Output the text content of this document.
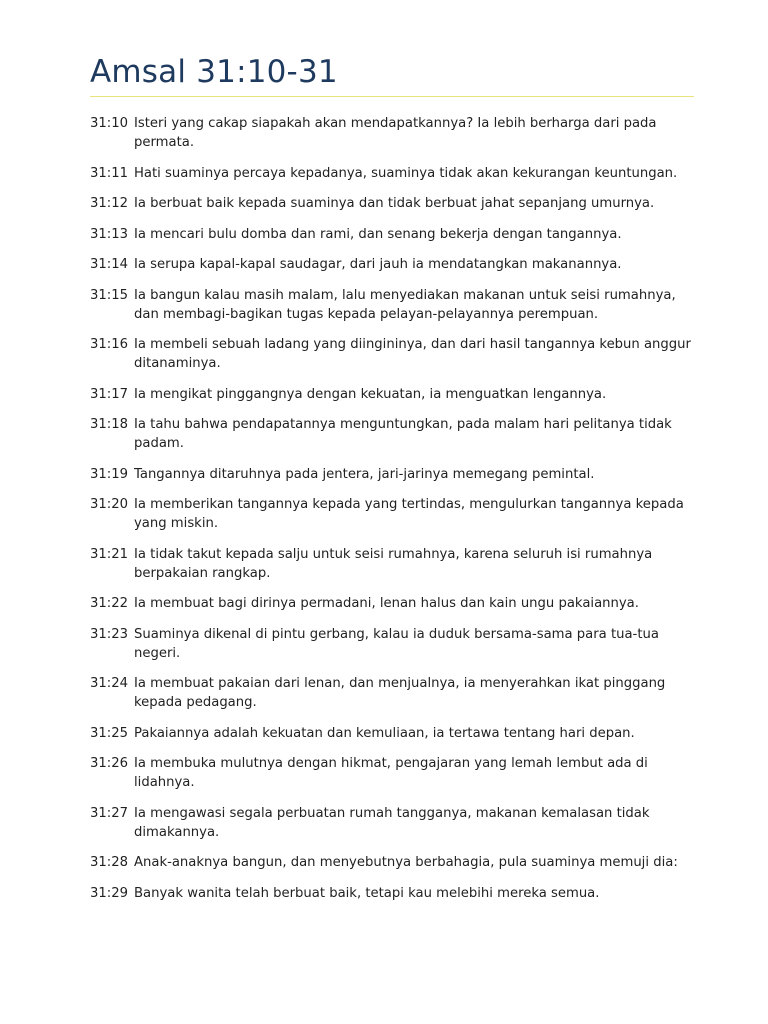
Amsal 31:10-31
31:10 Isteri yang cakap siapakah akan mendapatkannya? Ia lebih berharga dari pada permata.
31:11 Hati suaminya percaya kepadanya, suaminya tidak akan kekurangan keuntungan.
31:12 Ia berbuat baik kepada suaminya dan tidak berbuat jahat sepanjang umurnya.
31:13 Ia mencari bulu domba dan rami, dan senang bekerja dengan tangannya.
31:14 Ia serupa kapal-kapal saudagar, dari jauh ia mendatangkan makanannya.
31:15 Ia bangun kalau masih malam, lalu menyediakan makanan untuk seisi rumahnya, dan membagi-bagikan tugas kepada pelayan-pelayannya perempuan.
31:16 Ia membeli sebuah ladang yang diingininya, dan dari hasil tangannya kebun anggur ditanaminya.
31:17 Ia mengikat pinggangnya dengan kekuatan, ia menguatkan lengannya.
31:18 Ia tahu bahwa pendapatannya menguntungkan, pada malam hari pelitanya tidak padam.
31:19 Tangannya ditaruhnya pada jentera, jari-jarinya memegang pemintal.
31:20 Ia memberikan tangannya kepada yang tertindas, mengulurkan tangannya kepada yang miskin.
31:21 Ia tidak takut kepada salju untuk seisi rumahnya, karena seluruh isi rumahnya berpakaian rangkap.
31:22 Ia membuat bagi dirinya permadani, lenan halus dan kain ungu pakaiannya.
31:23 Suaminya dikenal di pintu gerbang, kalau ia duduk bersama-sama para tua-tua negeri.
31:24 Ia membuat pakaian dari lenan, dan menjualnya, ia menyerahkan ikat pinggang kepada pedagang.
31:25 Pakaiannya adalah kekuatan dan kemuliaan, ia tertawa tentang hari depan.
31:26 Ia membuka mulutnya dengan hikmat, pengajaran yang lemah lembut ada di lidahnya.
31:27 Ia mengawasi segala perbuatan rumah tangganya, makanan kemalasan tidak dimakannya.
31:28 Anak-anaknya bangun, dan menyebutnya berbahagia, pula suaminya memuji dia:
31:29 Banyak wanita telah berbuat baik, tetapi kau melebihi mereka semua.
